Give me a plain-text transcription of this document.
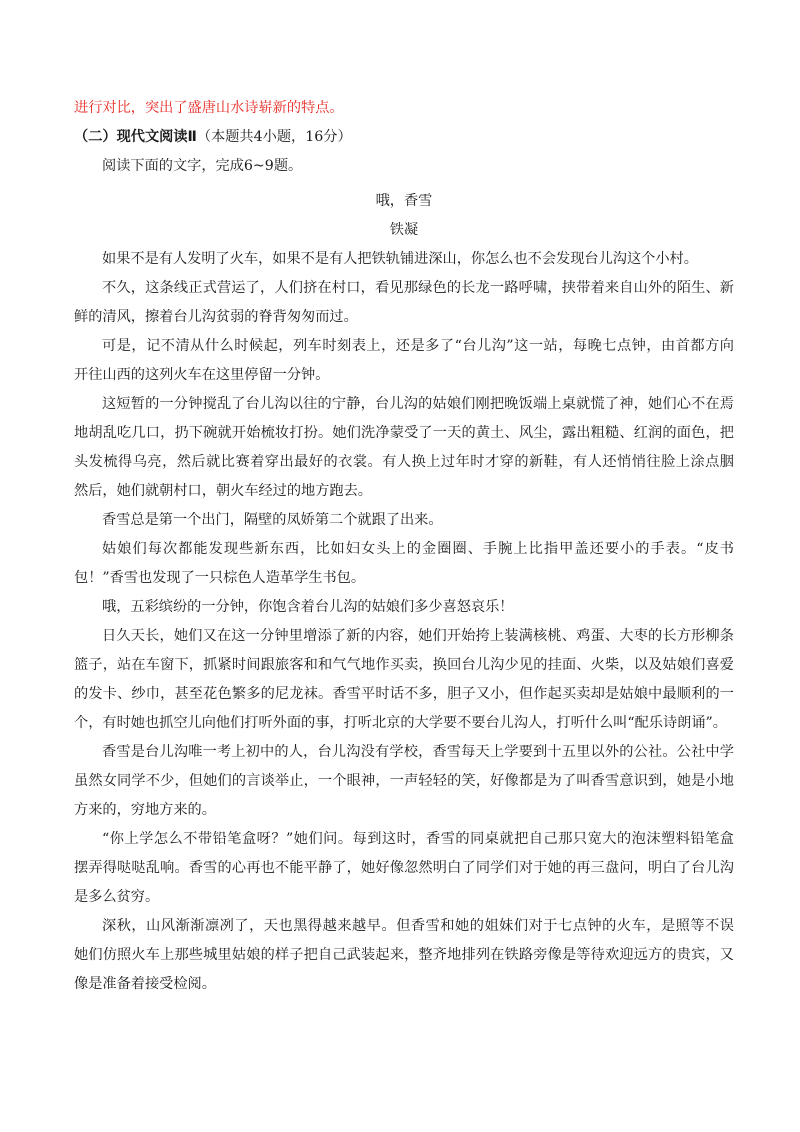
进行对比，突出了盛唐山水诗崭新的特点。
（二）现代文阅读Ⅱ（本题共4小题，16分）
阅读下面的文字，完成6~9题。
哦，香雪
铁凝
如果不是有人发明了火车，如果不是有人把铁轨铺进深山，你怎么也不会发现台儿沟这个小村。
不久，这条线正式营运了，人们挤在村口，看见那绿色的长龙一路呼啸，挟带着来自山外的陌生、新
鲜的清风，擦着台儿沟贫弱的脊背匆匆而过。
可是，记不清从什么时候起，列车时刻表上，还是多了“台儿沟”这一站，每晚七点钟，由首都方向
开往山西的这列火车在这里停留一分钟。
这短暂的一分钟搅乱了台儿沟以往的宁静，台儿沟的姑娘们刚把晚饭端上桌就慌了神，她们心不在焉
地胡乱吃几口，扔下碗就开始梳妆打扮。她们洗净蒙受了一天的黄土、风尘，露出粗糙、红润的面色，把
头发梳得乌亮，然后就比赛着穿出最好的衣裳。有人换上过年时才穿的新鞋，有人还悄悄往脸上涂点胭
然后，她们就朝村口，朝火车经过的地方跑去。
香雪总是第一个出门，隔壁的凤娇第二个就跟了出来。
姑娘们每次都能发现些新东西，比如妇女头上的金圈圈、手腕上比指甲盖还要小的手表。“皮书
包！”香雪也发现了一只棕色人造革学生书包。
哦，五彩缤纷的一分钟，你饱含着台儿沟的姑娘们多少喜怒哀乐！
日久天长，她们又在这一分钟里增添了新的内容，她们开始挎上装满核桃、鸡蛋、大枣的长方形柳条
篮子，站在车窗下，抓紧时间跟旅客和和气气地作买卖，换回台儿沟少见的挂面、火柴，以及姑娘们喜爱
的发卡、纱巾，甚至花色繁多的尼龙袜。香雪平时话不多，胆子又小，但作起买卖却是姑娘中最顺利的一
个，有时她也抓空儿向他们打听外面的事，打听北京的大学要不要台儿沟人，打听什么叫“配乐诗朗诵”。
香雪是台儿沟唯一考上初中的人，台儿沟没有学校，香雪每天上学要到十五里以外的公社。公社中学
虽然女同学不少，但她们的言谈举止，一个眼神，一声轻轻的笑，好像都是为了叫香雪意识到，她是小地
方来的，穷地方来的。
“你上学怎么不带铅笔盒呀？”她们问。每到这时，香雪的同桌就把自己那只宽大的泡沫塑料铅笔盒
摆弄得哒哒乱响。香雪的心再也不能平静了，她好像忽然明白了同学们对于她的再三盘问，明白了台儿沟
是多么贫穷。
深秋，山风渐渐凛冽了，天也黑得越来越早。但香雪和她的姐妹们对于七点钟的火车，是照等不误
她们仿照火车上那些城里姑娘的样子把自己武装起来，整齐地排列在铁路旁像是等待欢迎远方的贵宾，又
像是准备着接受检阅。
